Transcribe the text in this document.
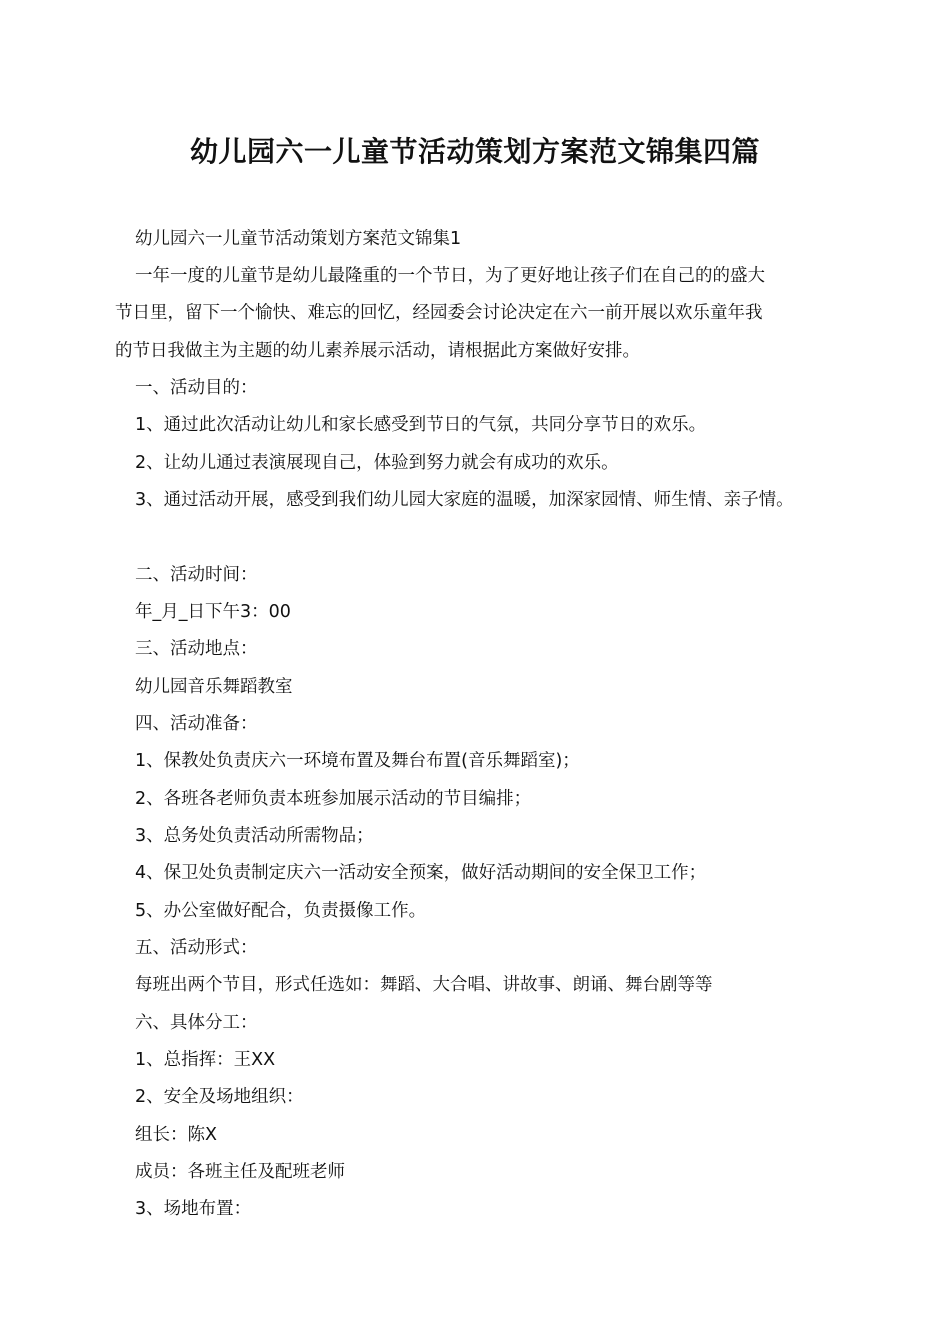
幼儿园六一儿童节活动策划方案范文锦集四篇

幼儿园六一儿童节活动策划方案范文锦集1

一年一度的儿童节是幼儿最隆重的一个节日，为了更好地让孩子们在自己的的盛大

节日里，留下一个愉快、难忘的回忆，经园委会讨论决定在六一前开展以欢乐童年我

的节日我做主为主题的幼儿素养展示活动，请根据此方案做好安排。

一、活动目的：

1、通过此次活动让幼儿和家长感受到节日的气氛，共同分享节日的欢乐。

2、让幼儿通过表演展现自己，体验到努力就会有成功的欢乐。

3、通过活动开展，感受到我们幼儿园大家庭的温暖，加深家园情、师生情、亲子情。

二、活动时间：

年_月_日下午3：00

三、活动地点：

幼儿园音乐舞蹈教室

四、活动准备：

1、保教处负责庆六一环境布置及舞台布置(音乐舞蹈室)；

2、各班各老师负责本班参加展示活动的节目编排；

3、总务处负责活动所需物品；

4、保卫处负责制定庆六一活动安全预案，做好活动期间的安全保卫工作；

5、办公室做好配合，负责摄像工作。

五、活动形式：

每班出两个节目，形式任选如：舞蹈、大合唱、讲故事、朗诵、舞台剧等等

六、具体分工：

1、总指挥：王XX

2、安全及场地组织：

组长：陈X

成员：各班主任及配班老师

3、场地布置：
